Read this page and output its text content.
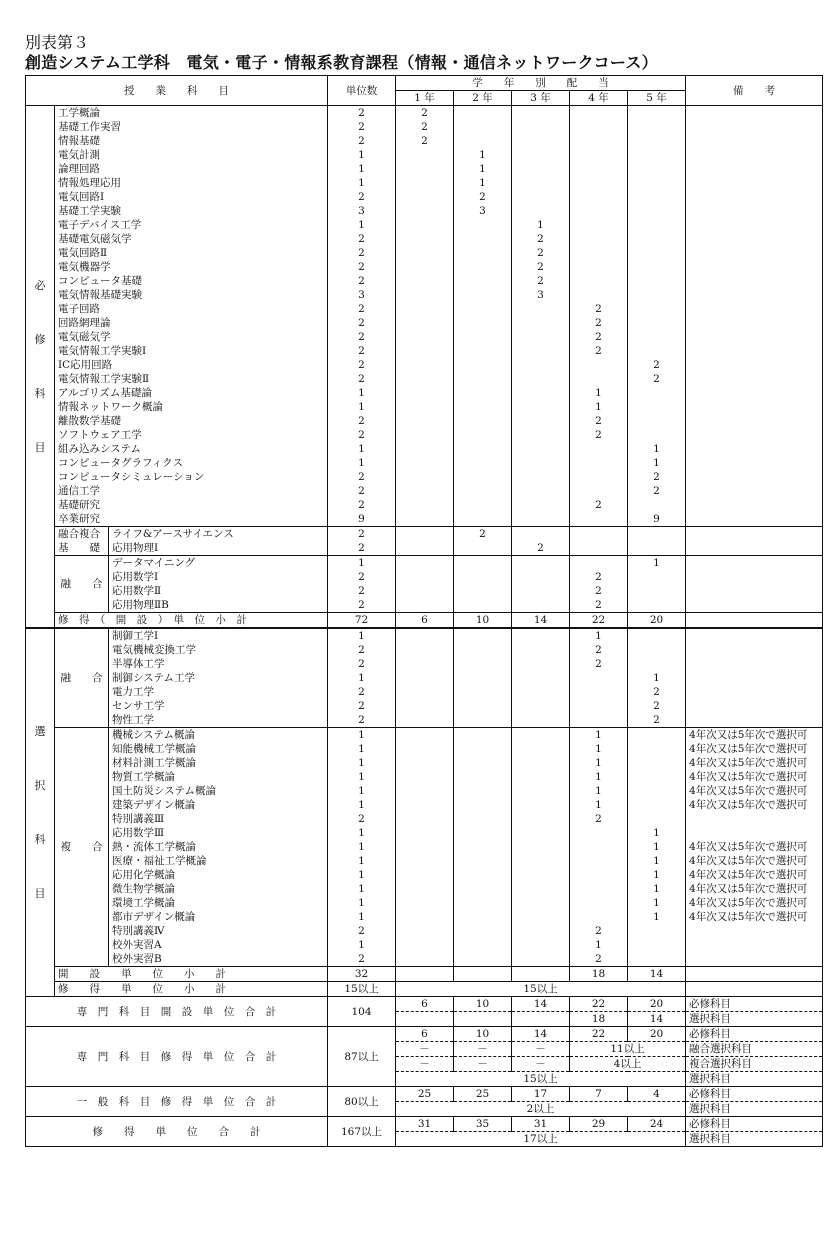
別表第３
創造システム工学科　電気・電子・情報系教育課程（情報・通信ネットワークコース）
授　　業　　科　　目			単位数	学　　年　　別　　配　　当					備　　考
				1 年	2 年	3 年	4 年	5 年	

必
修
科
目	工学概論		2	2					
	基礎工作実習		2	2					
	情報基礎		2	2					
	電気計測		1		1				
	論理回路		1		1				
	情報処理応用		1		1				
	電気回路Ⅰ		2		2				
	基礎工学実験		3		3				
	電子デバイス工学		1			1			
	基礎電気磁気学		2			2			
	電気回路Ⅱ		2			2			
	電気機器学		2			2			
	コンピュータ基礎		2			2			
	電気情報基礎実験		3			3			
	電子回路		2				2		
	回路網理論		2				2		
	電気磁気学		2				2		
	電気情報工学実験Ⅰ		2				2		
	IC応用回路		2					2	
	電気情報工学実験Ⅱ		2					2	
	アルゴリズム基礎論		1				1		
	情報ネットワーク概論		1				1		
	離散数学基礎		2				2		
	ソフトウェア工学		2				2		
	組み込みシステム		1					1	
	コンピュータグラフィクス		1					1	
	コンピュータシミュレーション		2					2	
	通信工学		2					2	
	基礎研究		2				2		
	卒業研究		9					9	
	融合複合	ライフ&アースサイエンス	2		2				
	基　　礎	応用物理Ⅰ	2			2			
	融　　合	データマイニング	1					1	
		応用数学Ⅰ	2				2		
		応用数学Ⅱ	2				2		
		応用物理ⅡB	2				2		
	修　得　（　開　設　）　単　位　小　計		72	6	10	14	22	20	

選
択
科
目	融　　合	制御工学Ⅰ	1				1		
		電気機械変換工学	2				2		
		半導体工学	2				2		
		制御システム工学	1					1	
		電力工学	2					2	
		センサ工学	2					2	
		物性工学	2					2	
	複　　合	機械システム概論	1				1		4年次又は5年次で選択可
		知能機械工学概論	1				1		4年次又は5年次で選択可
		材料計測工学概論	1				1		4年次又は5年次で選択可
		物質工学概論	1				1		4年次又は5年次で選択可
		国土防災システム概論	1				1		4年次又は5年次で選択可
		建築デザイン概論	1				1		4年次又は5年次で選択可
		特別講義Ⅲ	2				2		
		応用数学Ⅲ	1					1	
		熱・流体工学概論	1					1	4年次又は5年次で選択可
		医療・福祉工学概論	1					1	4年次又は5年次で選択可
		応用化学概論	1					1	4年次又は5年次で選択可
		微生物学概論	1					1	4年次又は5年次で選択可
		環境工学概論	1					1	4年次又は5年次で選択可
		都市デザイン概論	1					1	4年次又は5年次で選択可
		特別講義Ⅳ	2				2		
		校外実習A	1				1		
		校外実習B	2				2		
	開　　設　　単　　位　　小　　計		32				18	14	
	修　　得　　単　　位　　小　　計		15以上	15以上					
専　門　科　目　開　設　単　位　合　計			104	6	10	14	22	20	必修科目
							18	14	選択科目
専　門　科　目　修　得　単　位　合　計			87以上	6	10	14	22	20	必修科目
				－	－	－	11以上		融合選択科目
				－	－	－	4以上		複合選択科目
				15以上					選択科目
一　般　科　目　修　得　単　位　合　計			80以上	25	25	17	7	4	必修科目
				2以上					選択科目
修　　得　　単　　位　　合　　計			167以上	31	35	31	29	24	必修科目
				17以上					選択科目
